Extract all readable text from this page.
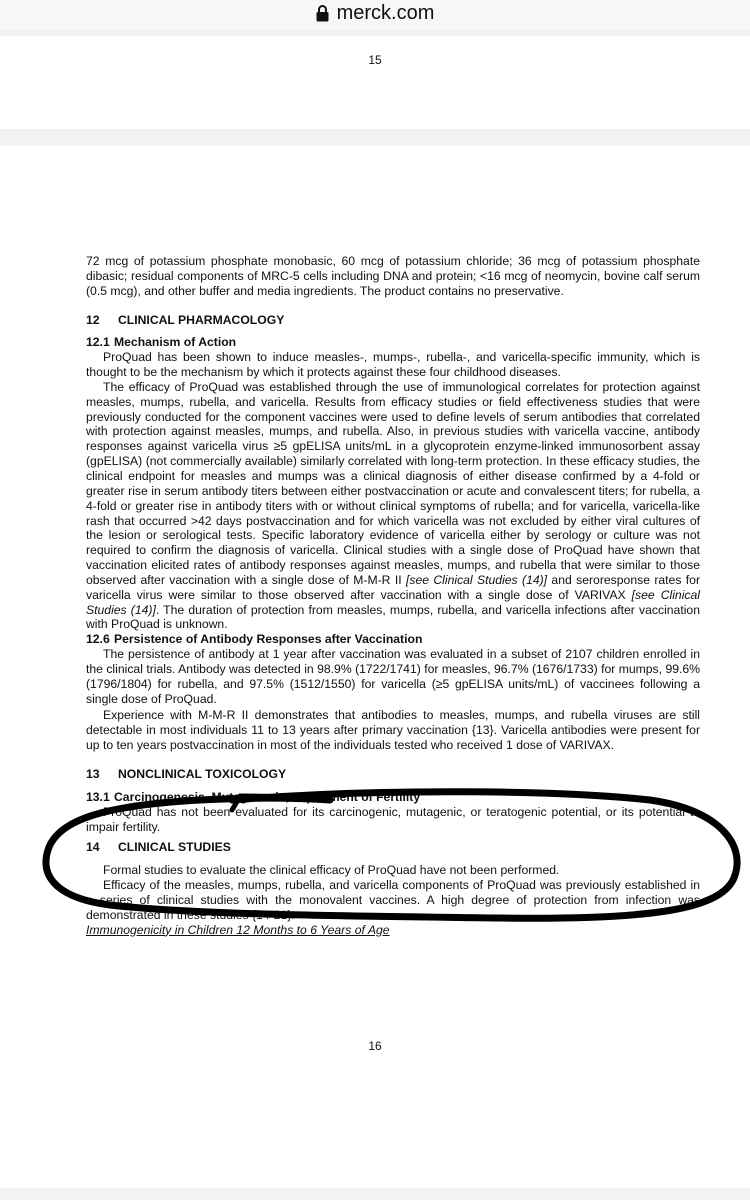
merck.com
15

72 mcg of potassium phosphate monobasic, 60 mcg of potassium chloride; 36 mcg of potassium phosphate dibasic; residual components of MRC-5 cells including DNA and protein; <16 mcg of neomycin, bovine calf serum (0.5 mcg), and other buffer and media ingredients. The product contains no preservative.

12 CLINICAL PHARMACOLOGY

12.1 Mechanism of Action

ProQuad has been shown to induce measles-, mumps-, rubella-, and varicella-specific immunity, which is thought to be the mechanism by which it protects against these four childhood diseases.

The efficacy of ProQuad was established through the use of immunological correlates for protection against measles, mumps, rubella, and varicella. Results from efficacy studies or field effectiveness studies that were previously conducted for the component vaccines were used to define levels of serum antibodies that correlated with protection against measles, mumps, and rubella. Also, in previous studies with varicella vaccine, antibody responses against varicella virus ≥5 gpELISA units/mL in a glycoprotein enzyme-linked immunosorbent assay (gpELISA) (not commercially available) similarly correlated with long-term protection. In these efficacy studies, the clinical endpoint for measles and mumps was a clinical diagnosis of either disease confirmed by a 4-fold or greater rise in serum antibody titers between either postvaccination or acute and convalescent titers; for rubella, a 4-fold or greater rise in antibody titers with or without clinical symptoms of rubella; and for varicella, varicella-like rash that occurred >42 days postvaccination and for which varicella was not excluded by either viral cultures of the lesion or serological tests. Specific laboratory evidence of varicella either by serology or culture was not required to confirm the diagnosis of varicella. Clinical studies with a single dose of ProQuad have shown that vaccination elicited rates of antibody responses against measles, mumps, and rubella that were similar to those observed after vaccination with a single dose of M-M-R II [see Clinical Studies (14)] and seroresponse rates for varicella virus were similar to those observed after vaccination with a single dose of VARIVAX [see Clinical Studies (14)]. The duration of protection from measles, mumps, rubella, and varicella infections after vaccination with ProQuad is unknown.

12.6 Persistence of Antibody Responses after Vaccination

The persistence of antibody at 1 year after vaccination was evaluated in a subset of 2107 children enrolled in the clinical trials. Antibody was detected in 98.9% (1722/1741) for measles, 96.7% (1676/1733) for mumps, 99.6% (1796/1804) for rubella, and 97.5% (1512/1550) for varicella (≥5 gpELISA units/mL) of vaccinees following a single dose of ProQuad.

Experience with M-M-R II demonstrates that antibodies to measles, mumps, and rubella viruses are still detectable in most individuals 11 to 13 years after primary vaccination {13}. Varicella antibodies were present for up to ten years postvaccination in most of the individuals tested who received 1 dose of VARIVAX.

13 NONCLINICAL TOXICOLOGY

13.1 Carcinogenesis, Mutagenesis, Impairment of Fertility

ProQuad has not been evaluated for its carcinogenic, mutagenic, or teratogenic potential, or its potential to impair fertility.

14 CLINICAL STUDIES

Formal studies to evaluate the clinical efficacy of ProQuad have not been performed.

Efficacy of the measles, mumps, rubella, and varicella components of ProQuad was previously established in a series of clinical studies with the monovalent vaccines. A high degree of protection from infection was demonstrated in these studies {14-21}.

Immunogenicity in Children 12 Months to 6 Years of Age

16
